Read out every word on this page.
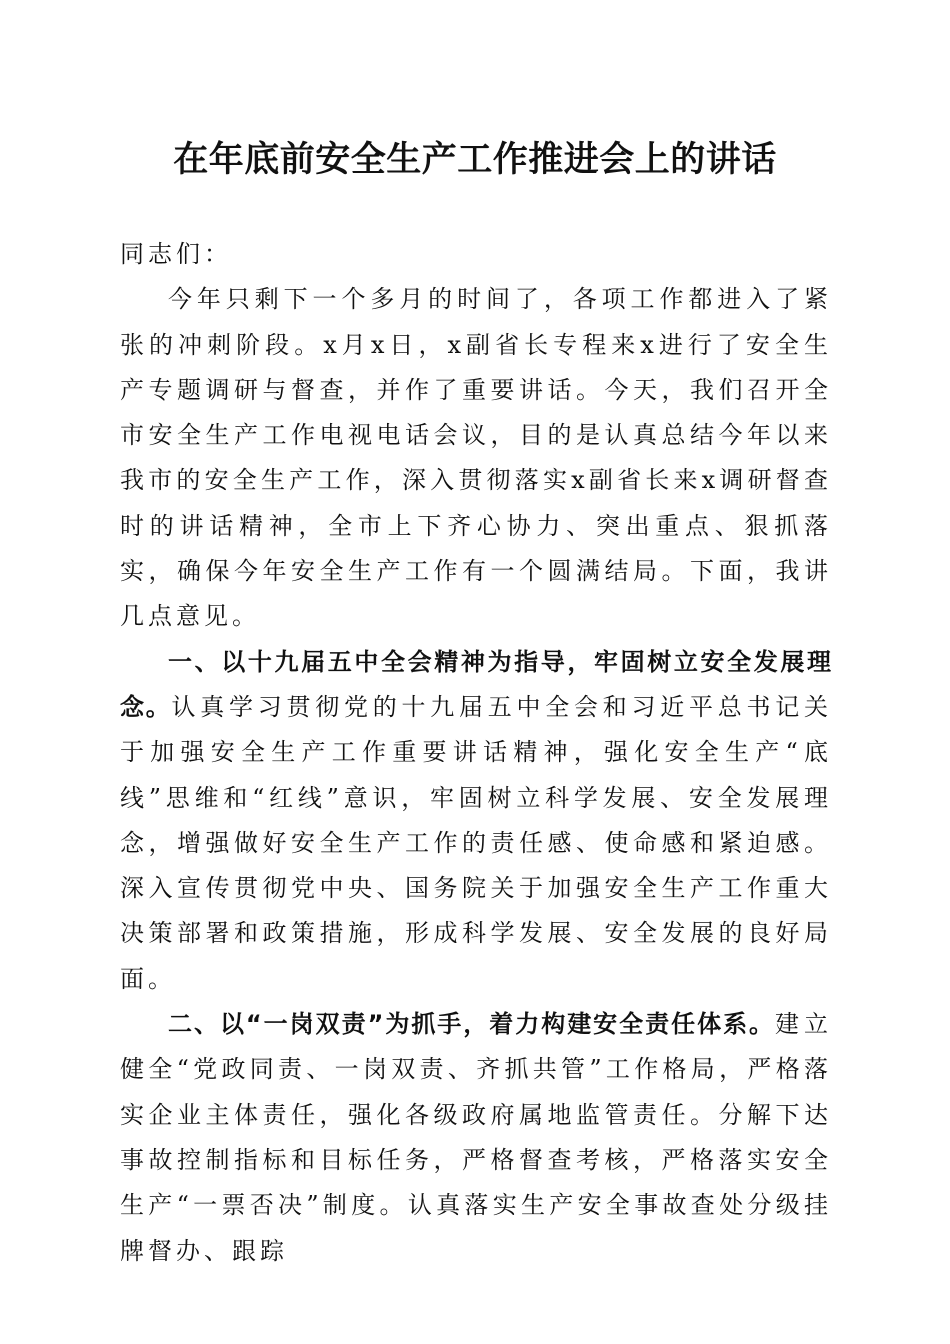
在年底前安全生产工作推进会上的讲话

同志们：

今年只剩下一个多月的时间了，各项工作都进入了紧张的冲刺阶段。x月x日，x副省长专程来x进行了安全生产专题调研与督查，并作了重要讲话。今天，我们召开全市安全生产工作电视电话会议，目的是认真总结今年以来我市的安全生产工作，深入贯彻落实x副省长来x调研督查时的讲话精神，全市上下齐心协力、突出重点、狠抓落实，确保今年安全生产工作有一个圆满结局。下面，我讲几点意见。

一、以十九届五中全会精神为指导，牢固树立安全发展理念。认真学习贯彻党的十九届五中全会和习近平总书记关于加强安全生产工作重要讲话精神，强化安全生产“底线”思维和“红线”意识，牢固树立科学发展、安全发展理念，增强做好安全生产工作的责任感、使命感和紧迫感。深入宣传贯彻党中央、国务院关于加强安全生产工作重大决策部署和政策措施，形成科学发展、安全发展的良好局面。

二、以“一岗双责”为抓手，着力构建安全责任体系。建立健全“党政同责、一岗双责、齐抓共管”工作格局，严格落实企业主体责任，强化各级政府属地监管责任。分解下达事故控制指标和目标任务，严格督查考核，严格落实安全生产“一票否决”制度。认真落实生产安全事故查处分级挂牌督办、跟踪
